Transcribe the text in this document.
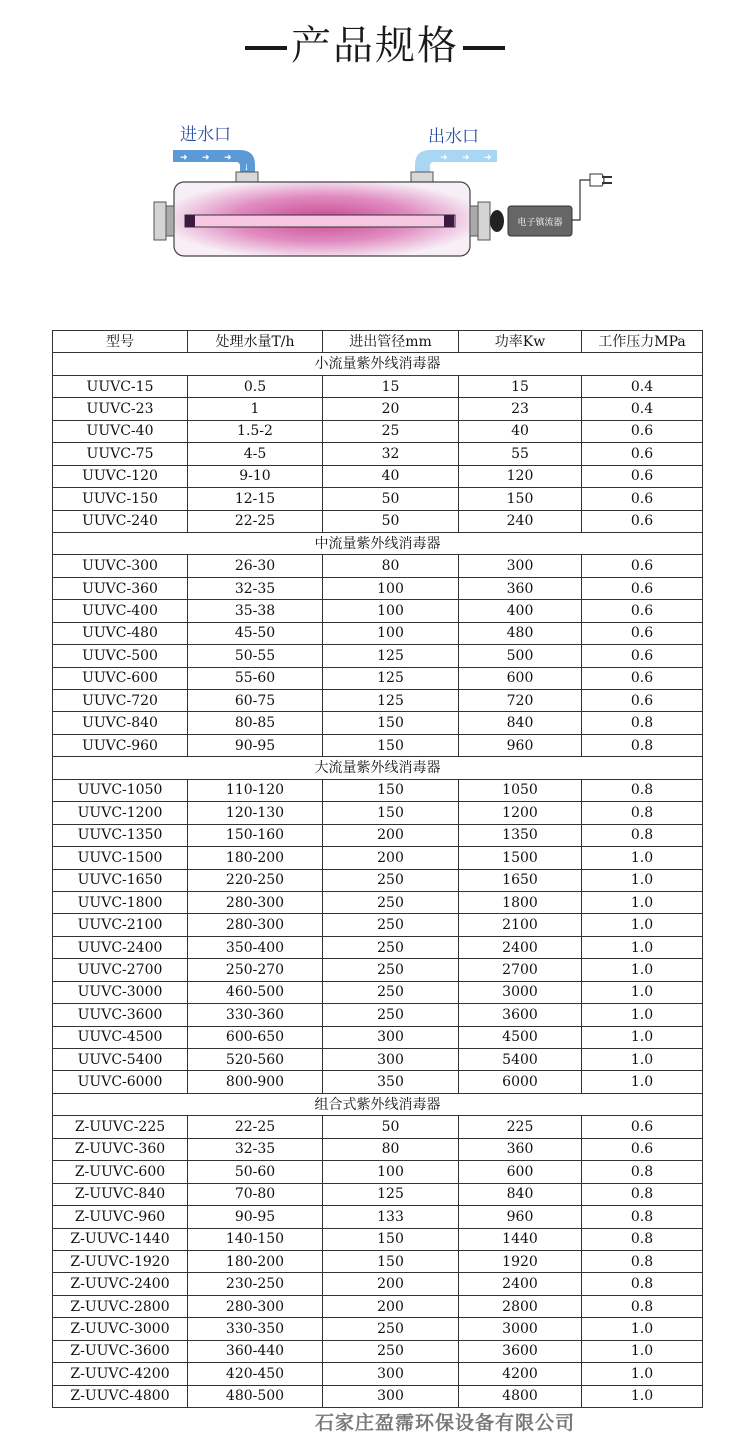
产品规格
进水口	出水口
➜ ➜ ➜
↓
➜ ➜ ➜
电子镇流器
型号	处理水量T/h	进出管径mm	功率Kw	工作压力MPa
小流量紫外线消毒器				
UUVC-15	0.5	15	15	0.4
UUVC-23	1	20	23	0.4
UUVC-40	1.5-2	25	40	0.6
UUVC-75	4-5	32	55	0.6
UUVC-120	9-10	40	120	0.6
UUVC-150	12-15	50	150	0.6
UUVC-240	22-25	50	240	0.6
中流量紫外线消毒器				
UUVC-300	26-30	80	300	0.6
UUVC-360	32-35	100	360	0.6
UUVC-400	35-38	100	400	0.6
UUVC-480	45-50	100	480	0.6
UUVC-500	50-55	125	500	0.6
UUVC-600	55-60	125	600	0.6
UUVC-720	60-75	125	720	0.6
UUVC-840	80-85	150	840	0.8
UUVC-960	90-95	150	960	0.8
大流量紫外线消毒器				
UUVC-1050	110-120	150	1050	0.8
UUVC-1200	120-130	150	1200	0.8
UUVC-1350	150-160	200	1350	0.8
UUVC-1500	180-200	200	1500	1.0
UUVC-1650	220-250	250	1650	1.0
UUVC-1800	280-300	250	1800	1.0
UUVC-2100	280-300	250	2100	1.0
UUVC-2400	350-400	250	2400	1.0
UUVC-2700	250-270	250	2700	1.0
UUVC-3000	460-500	250	3000	1.0
UUVC-3600	330-360	250	3600	1.0
UUVC-4500	600-650	300	4500	1.0
UUVC-5400	520-560	300	5400	1.0
UUVC-6000	800-900	350	6000	1.0
组合式紫外线消毒器				
Z-UUVC-225	22-25	50	225	0.6
Z-UUVC-360	32-35	80	360	0.6
Z-UUVC-600	50-60	100	600	0.8
Z-UUVC-840	70-80	125	840	0.8
Z-UUVC-960	90-95	133	960	0.8
Z-UUVC-1440	140-150	150	1440	0.8
Z-UUVC-1920	180-200	150	1920	0.8
Z-UUVC-2400	230-250	200	2400	0.8
Z-UUVC-2800	280-300	200	2800	0.8
Z-UUVC-3000	330-350	250	3000	1.0
Z-UUVC-3600	360-440	250	3600	1.0
Z-UUVC-4200	420-450	300	4200	1.0
Z-UUVC-4800	480-500	300	4800	1.0
石家庄盈霈环保设备有限公司
